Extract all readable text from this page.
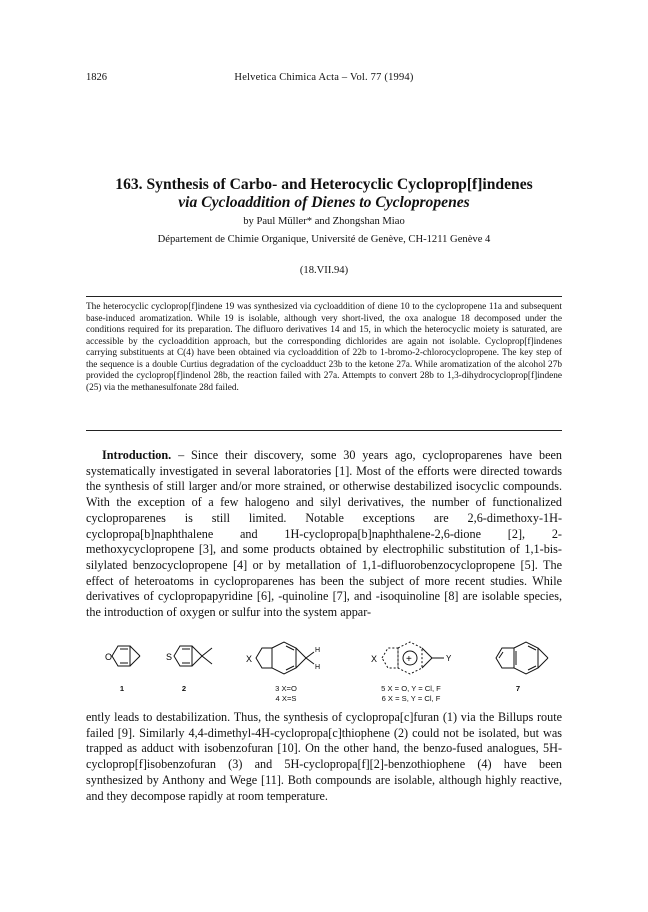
1826	Helvetica Chimica Acta – Vol. 77 (1994)
163. Synthesis of Carbo- and Heterocyclic Cycloprop[f]indenes
via Cycloaddition of Dienes to Cyclopropenes
by Paul Müller* and Zhongshan Miao
Département de Chimie Organique, Université de Genève, CH-1211 Genève 4
(18.VII.94)
The heterocyclic cycloprop[f]indene 19 was synthesized via cycloaddition of diene 10 to the cyclopropene 11a and subsequent base-induced aromatization. While 19 is isolable, although very short-lived, the oxa analogue 18 decomposed under the conditions required for its preparation. The difluoro derivatives 14 and 15, in which the heterocyclic moiety is saturated, are accessible by the cycloaddition approach, but the corresponding dichlorides are again not isolable. Cycloprop[f]indenes carrying substituents at C(4) have been obtained via cycloaddition of 22b to 1-bromo-2-chlorocyclopropene. The key step of the sequence is a double Curtius degradation of the cycloadduct 23b to the ketone 27a. While aromatization of the alcohol 27b provided the cycloprop[f]indenol 28b, the reaction failed with 27a. Attempts to convert 28b to 1,3-dihydrocycloprop[f]indene (25) via the methanesulfonate 28d failed.

Introduction. – Since their discovery, some 30 years ago, cycloproparenes have been systematically investigated in several laboratories [1]. Most of the efforts were directed towards the synthesis of still larger and/or more strained, or otherwise destabilized isocyclic compounds. With the exception of a few halogeno and silyl derivatives, the number of functionalized cycloproparenes is still limited. Notable exceptions are 2,6-dimethoxy-1H-cyclopropa[b]naphthalene and 1H-cyclopropa[b]naphthalene-2,6-dione [2], 2-methoxycyclopropene [3], and some products obtained by electrophilic substitution of 1,1-bis-silylated benzocyclopropene [4] or by metallation of 1,1-difluorobenzocyclopropene [5]. The effect of heteroatoms in cycloproparenes has been the subject of more recent studies. While derivatives of cyclopropapyridine [6], -quinoline [7], and -isoquinoline [8] are isolable species, the introduction of oxygen or sulfur into the system appar-

O	S	X
H
H
+
X	Y
1	2	3 X=O
4 X=S
5 X = O, Y = Cl, F
6 X = S, Y = Cl, F
7

ently leads to destabilization. Thus, the synthesis of cyclopropa[c]furan (1) via the Billups route failed [9]. Similarly 4,4-dimethyl-4H-cyclopropa[c]thiophene (2) could not be isolated, but was trapped as adduct with isobenzofuran [10]. On the other hand, the benzo-fused analogues, 5H-cycloprop[f]isobenzofuran (3) and 5H-cyclopropa[f][2]-benzothiophene (4) have been synthesized by Anthony and Wege [11]. Both compounds are isolable, although highly reactive, and they decompose rapidly at room temperature.
